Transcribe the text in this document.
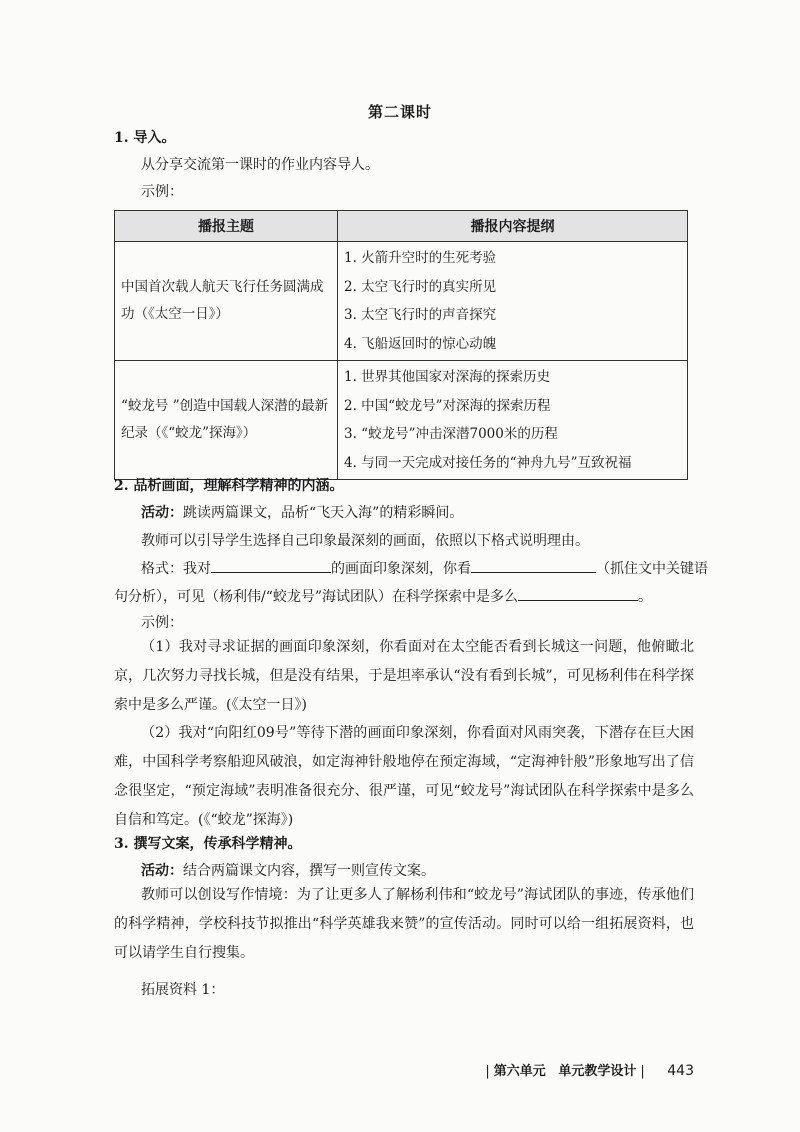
第二课时
1. 导入。
从分享交流第一课时的作业内容导人。
示例：
播报主题	播报内容提纲
中国首次载人航天飞行任务圆满成功（《太空一日》）	1. 火箭升空时的生死考验
2. 太空飞行时的真实所见
3. 太空飞行时的声音探究
4. 飞船返回时的惊心动魄

“蛟龙号 ”创造中国载人深潜的最新纪录（《“蛟龙”探海》）	1. 世界其他国家对深海的探索历史
2. 中国“蛟龙号”对深海的探索历程
3. “蛟龙号”冲击深潜7000米的历程
4. 与同一天完成对接任务的“神舟九号”互致祝福
2. 品析画面，理解科学精神的内涵。
活动：跳读两篇课文，品析“飞天入海”的精彩瞬间。
教师可以引导学生选择自己印象最深刻的画面，依照以下格式说明理由。
格式：我对	的画面印象深刻，你看	（抓住文中关键语
句分析），可见（杨利伟/“蛟龙号”海试团队）在科学探索中是多么	。
示例：
（1）我对寻求证据的画面印象深刻，你看面对在太空能否看到长城这一问题，他俯瞰北京，几次努力寻找长城，但是没有结果，于是坦率承认“没有看到长城”，可见杨利伟在科学探索中是多么严谨。(《太空一日》)
（2）我对“向阳红09号”等待下潜的画面印象深刻，你看面对风雨突袭，下潜存在巨大困难，中国科学考察船迎风破浪，如定海神针般地停在预定海域，“定海神针般”形象地写出了信念很坚定，“预定海域”表明准备很充分、很严谨，可见“蛟龙号”海试团队在科学探索中是多么自信和笃定。(《“蛟龙”探海》)
3. 撰写文案，传承科学精神。
活动：结合两篇课文内容，撰写一则宣传文案。
教师可以创设写作情境：为了让更多人了解杨利伟和“蛟龙号”海试团队的事迹，传承他们的科学精神，学校科技节拟推出“科学英雄我来赞”的宣传活动。同时可以给一组拓展资料，也可以请学生自行搜集。
拓展资料 1：
| 第六单元 单元教学设计 | 443
